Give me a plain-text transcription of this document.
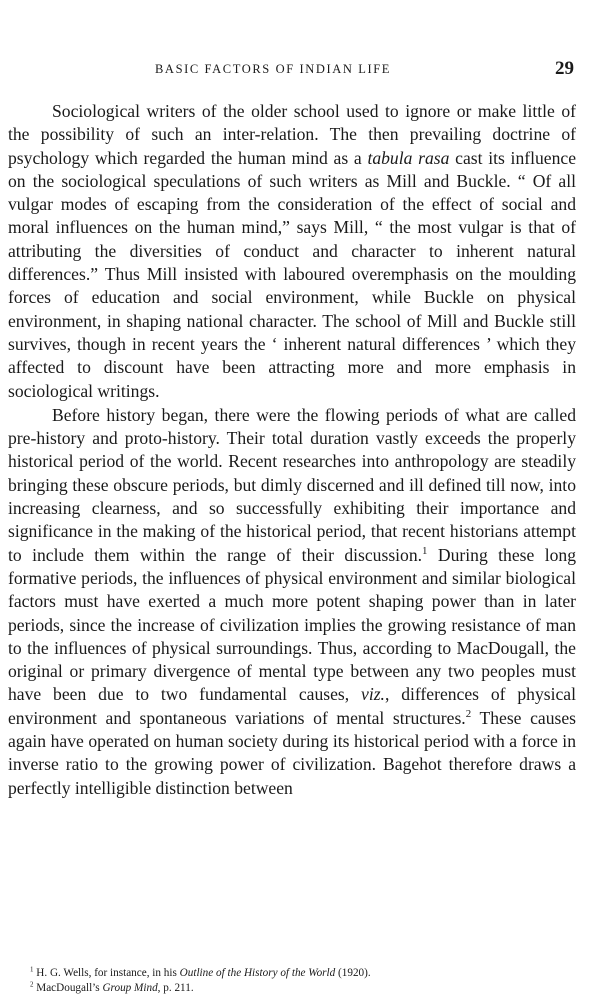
BASIC FACTORS OF INDIAN LIFE	29

Sociological writers of the older school used to ignore or make little of the possibility of such an inter-relation. The then prevailing doctrine of psychology which regarded the human mind as a tabula rasa cast its influence on the sociological speculations of such writers as Mill and Buckle. “ Of all vulgar modes of escaping from the consideration of the effect of social and moral influences on the human mind,” says Mill, “ the most vulgar is that of attributing the diversities of conduct and character to inherent natural differences.” Thus Mill insisted with laboured overemphasis on the moulding forces of education and social environment, while Buckle on physical environment, in shaping national character. The school of Mill and Buckle still survives, though in recent years the ‘ inherent natural differences ’ which they affected to discount have been attracting more and more emphasis in sociological writings.

Before history began, there were the flowing periods of what are called pre-history and proto-history. Their total duration vastly exceeds the properly historical period of the world. Recent researches into anthropology are steadily bringing these obscure periods, but dimly discerned and ill defined till now, into increasing clearness, and so successfully exhibiting their importance and significance in the making of the historical period, that recent historians attempt to include them within the range of their discussion.$^1$ During these long formative periods, the influences of physical environment and similar biological factors must have exerted a much more potent shaping power than in later periods, since the increase of civilization implies the growing resistance of man to the influences of physical surroundings. Thus, according to MacDougall, the original or primary divergence of mental type between any two peoples must have been due to two fundamental causes, viz., differences of physical environment and spontaneous variations of mental structures.$^2$ These causes again have operated on human society during its historical period with a force in inverse ratio to the growing power of civilization. Bagehot therefore draws a perfectly intelligible distinction between

$^1$ H. G. Wells, for instance, in his Outline of the History of the World (1920).
$^2$ MacDougall’s Group Mind, p. 211.
